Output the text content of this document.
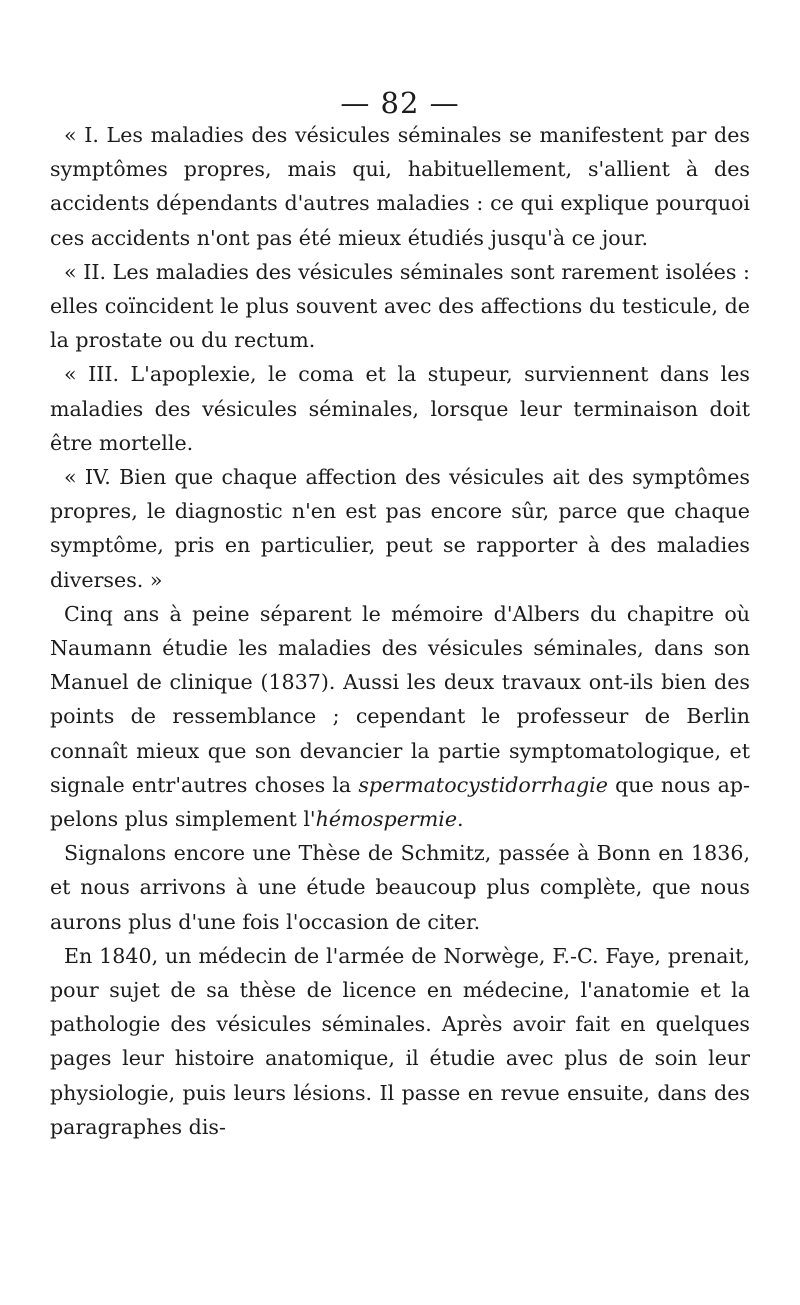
— 82 —

« I. Les maladies des vésicules séminales se manifestent par des symptômes propres, mais qui, habituellement, s'allient à des accidents dépendants d'autres maladies : ce qui explique pourquoi ces accidents n'ont pas été mieux étudiés jusqu'à ce jour.

« II. Les maladies des vésicules séminales sont rarement isolées : elles coïncident le plus souvent avec des affections du testicule, de la prostate ou du rectum.

« III. L'apoplexie, le coma et la stupeur, surviennent dans les maladies des vésicules séminales, lorsque leur terminaison doit être mortelle.

« IV. Bien que chaque affection des vésicules ait des symptômes propres, le diagnostic n'en est pas encore sûr, parce que chaque symptôme, pris en particulier, peut se rapporter à des maladies diverses. »

Cinq ans à peine séparent le mémoire d'Albers du chapitre où Naumann étudie les maladies des vésicules séminales, dans son Manuel de clinique (1837). Aussi les deux travaux ont-ils bien des points de ressemblance ; cependant le professeur de Berlin connaît mieux que son devancier la partie symptomatologique, et signale entr'autres choses la spermatocystidorrhagie que nous appelons plus simplement l'hémospermie.

Signalons encore une Thèse de Schmitz, passée à Bonn en 1836, et nous arrivons à une étude beaucoup plus complète, que nous aurons plus d'une fois l'occasion de citer.

En 1840, un médecin de l'armée de Norwège, F.-C. Faye, prenait, pour sujet de sa thèse de licence en médecine, l'anatomie et la pathologie des vésicules séminales. Après avoir fait en quelques pages leur histoire anatomique, il étudie avec plus de soin leur physiologie, puis leurs lésions. Il passe en revue ensuite, dans des paragraphes dis-
